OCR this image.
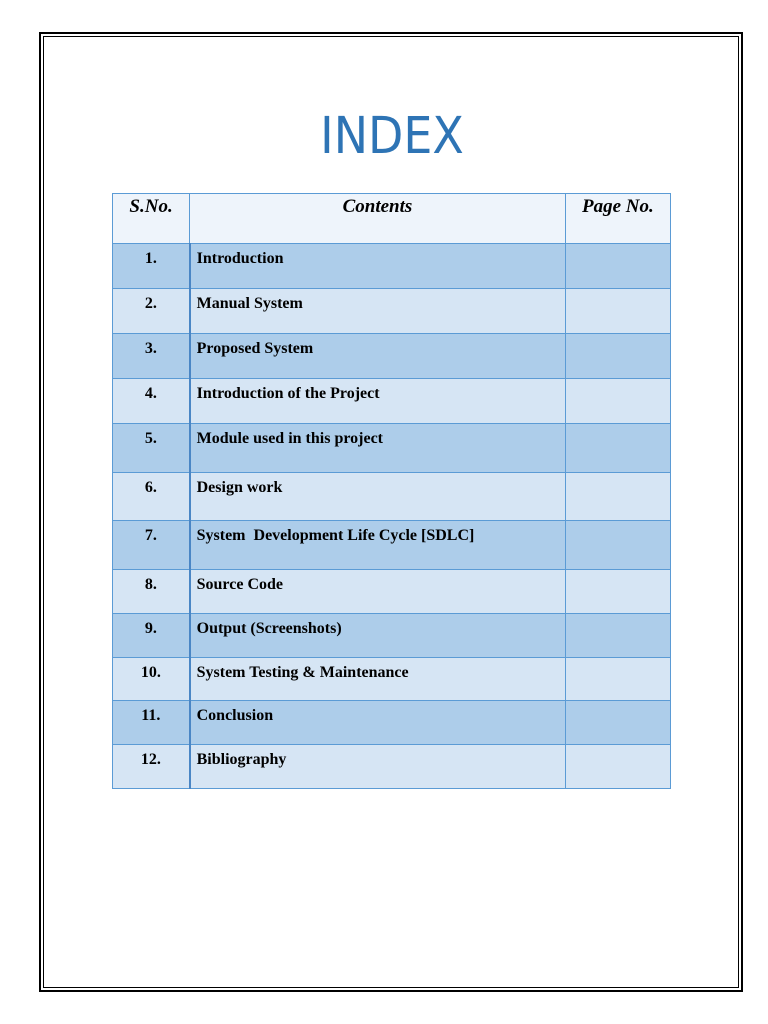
INDEX
S.No.	Contents	Page No.
1.	Introduction	
2.	Manual System	
3.	Proposed System	
4.	Introduction of the Project	
5.	Module used in this project	
6.	Design work	
7.	System  Development Life Cycle [SDLC]	
8.	Source Code	
9.	Output (Screenshots)	
10.	System Testing & Maintenance	
11.	Conclusion	
12.	Bibliography	
